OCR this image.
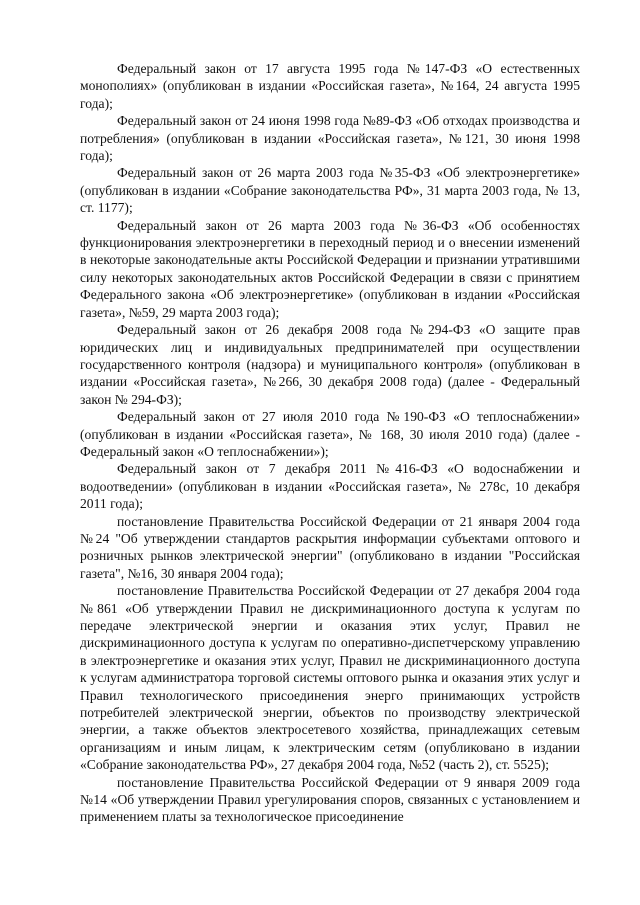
Федеральный закон от 17 августа 1995 года №147-ФЗ «О естественных монополиях» (опубликован в издании «Российская газета», №164, 24 августа 1995 года);

Федеральный закон от 24 июня 1998 года №89-ФЗ «Об отходах производства и потребления» (опубликован в издании «Российская газета», №121, 30 июня 1998 года);

Федеральный закон от 26 марта 2003 года №35-ФЗ «Об электроэнергетике» (опубликован в издании «Собрание законодательства РФ», 31 марта 2003 года, № 13, ст. 1177);

Федеральный закон от 26 марта 2003 года №36-ФЗ «Об особенностях функционирования электроэнергетики в переходный период и о внесении изменений в некоторые законодательные акты Российской Федерации и признании утратившими силу некоторых законодательных актов Российской Федерации в связи с принятием Федерального закона «Об электроэнергетике» (опубликован в издании «Российская газета», №59, 29 марта 2003 года);

Федеральный закон от 26 декабря 2008 года №294-ФЗ «О защите прав юридических лиц и индивидуальных предпринимателей при осуществлении государственного контроля (надзора) и муниципального контроля» (опубликован в издании «Российская газета», №266, 30 декабря 2008 года) (далее - Федеральный закон № 294-ФЗ);

Федеральный закон от 27 июля 2010 года №190-ФЗ «О теплоснабжении» (опубликован в издании «Российская газета», № 168, 30 июля 2010 года) (далее - Федеральный закон «О теплоснабжении»);

Федеральный закон от 7 декабря 2011 №416-ФЗ «О водоснабжении и водоотведении» (опубликован в издании «Российская газета», № 278с, 10 декабря 2011 года);

постановление Правительства Российской Федерации от 21 января 2004 года №24 "Об утверждении стандартов раскрытия информации субъектами оптового и розничных рынков электрической энергии" (опубликовано в издании "Российская газета", №16, 30 января 2004 года);

постановление Правительства Российской Федерации от 27 декабря 2004 года №861 «Об утверждении Правил не дискриминационного доступа к услугам по передаче электрической энергии и оказания этих услуг, Правил не дискриминационного доступа к услугам по оперативно-диспетчерскому управлению в электроэнергетике и оказания этих услуг, Правил не дискриминационного доступа к услугам администратора торговой системы оптового рынка и оказания этих услуг и Правил технологического присоединения энерго принимающих устройств потребителей электрической энергии, объектов по производству электрической энергии, а также объектов электросетевого хозяйства, принадлежащих сетевым организациям и иным лицам, к электрическим сетям (опубликовано в издании «Собрание законодательства РФ», 27 декабря 2004 года, №52 (часть 2), ст. 5525);

постановление Правительства Российской Федерации от 9 января 2009 года №14 «Об утверждении Правил урегулирования споров, связанных с установлением и применением платы за технологическое присоединение
